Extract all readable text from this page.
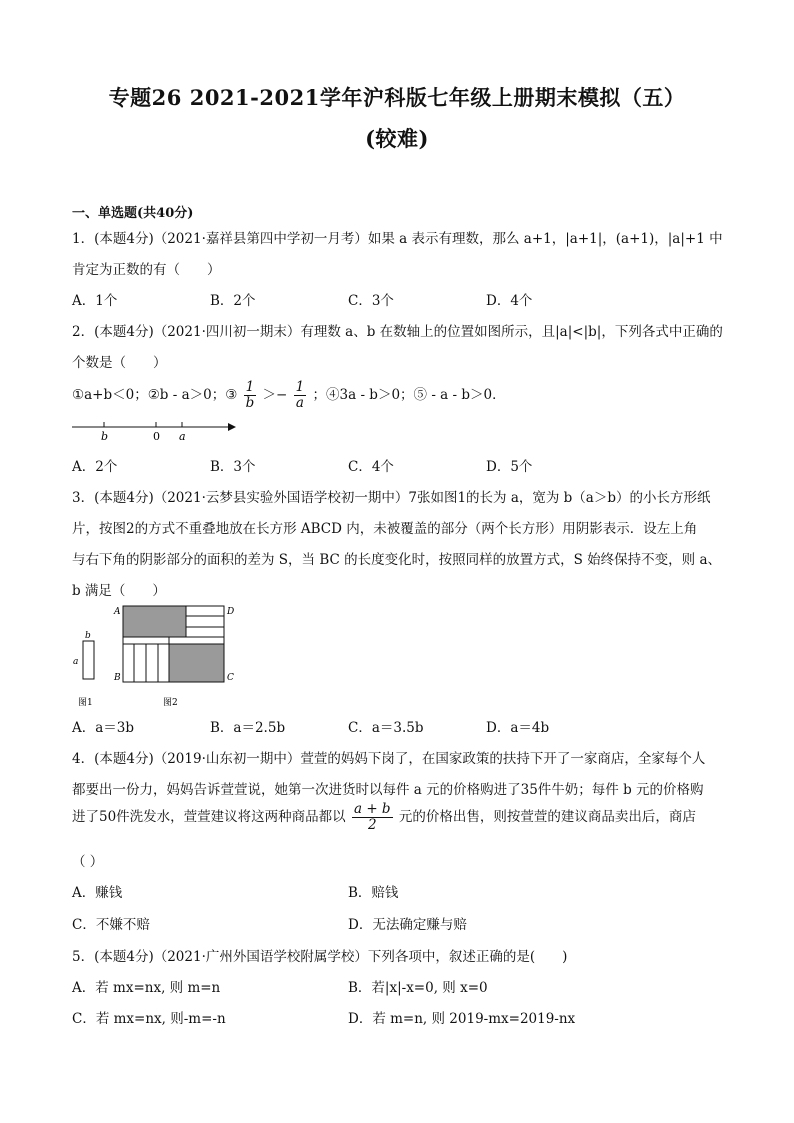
专题26 2021-2021学年沪科版七年级上册期末模拟（五）
(较难)
一、单选题(共40分)
1．(本题4分)（2021·嘉祥县第四中学初一月考）如果 a 表示有理数，那么 a+1，|a+1|，(a+1)，|a|+1 中
肯定为正数的有（　　）
A．1个	B．2个	C．3个	D．4个
2．(本题4分)（2021·四川初一期末）有理数 a、b 在数轴上的位置如图所示，且|a|<|b|，下列各式中正确的
个数是（　　）
①a+b＜0；②b - a＞0；③ $\frac{1}{b} >- \frac{1}{a}$ ；④3a - b＞0；⑤ - a - b＞0．
b	0 a
A．2个	B．3个	C．4个	D．5个
3．(本题4分)（2021·云梦县实验外国语学校初一期中）7张如图1的长为 a，宽为 b（a＞b）的小长方形纸
片，按图2的方式不重叠地放在长方形 ABCD 内，未被覆盖的部分（两个长方形）用阴影表示．设左上角
与右下角的阴影部分的面积的差为 S，当 BC 的长度变化时，按照同样的放置方式，S 始终保持不变，则 a、
b 满足（　　）
b
a
图1
A
B	C
D
图2
A．a＝3b	B．a＝2.5b	C．a＝3.5b	D．a＝4b
4．(本题4分)（2019·山东初一期中）萱萱的妈妈下岗了，在国家政策的扶持下开了一家商店，全家每个人
都要出一份力，妈妈告诉萱萱说，她第一次进货时以每件 a 元的价格购进了35件牛奶；每件 b 元的价格购
进了50件洗发水，萱萱建议将这两种商品都以 $\frac{a + b}{2}$ 元的价格出售，则按萱萱的建议商品卖出后，商店
（ ）
A．赚钱	B．赔钱
C．不嫌不赔	D．无法确定赚与赔
5．(本题4分)（2021·广州外国语学校附属学校）下列各项中，叙述正确的是(　　)
A．若 mx=nx, 则 m=n	B．若|x|-x=0, 则 x=0
C．若 mx=nx, 则-m=-n	D．若 m=n, 则 2019-mx=2019-nx
